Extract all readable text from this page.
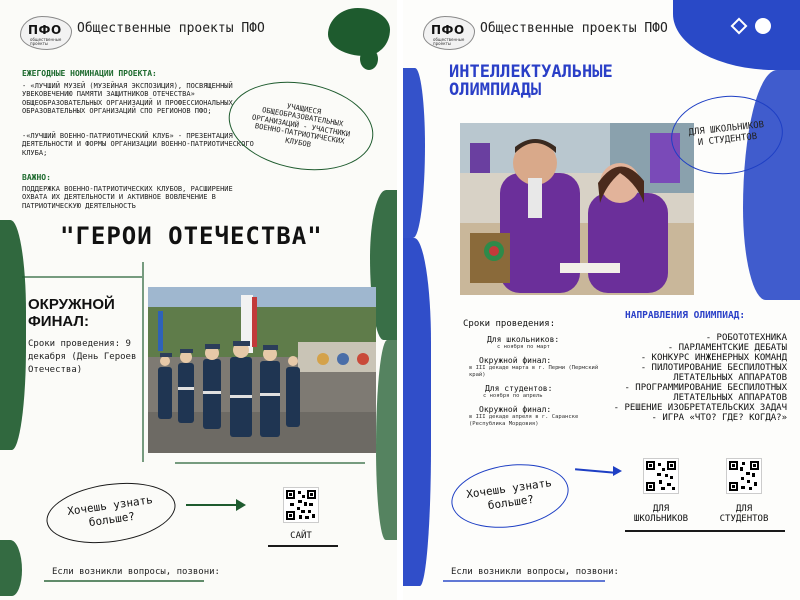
ПФО
общественные проекты
Общественные проекты ПФО
ЕЖЕГОДНЫЕ НОМИНАЦИИ ПРОЕКТА:
- «ЛУЧШИЙ МУЗЕЙ (МУЗЕЙНАЯ ЭКСПОЗИЦИЯ), ПОСВЯЩЕННЫЙ УВЕКОВЕЧЕНИЮ ПАМЯТИ ЗАЩИТНИКОВ ОТЕЧЕСТВА» ОБЩЕОБРАЗОВАТЕЛЬНЫХ ОРГАНИЗАЦИЙ И ПРОФЕССИОНАЛЬНЫХ ОБРАЗОВАТЕЛЬНЫХ ОРГАНИЗАЦИЙ СПО РЕГИОНОВ ПФО;
-«ЛУЧШИЙ ВОЕННО-ПАТРИОТИЧЕСКИЙ КЛУБ» - ПРЕЗЕНТАЦИЯ ДЕЯТЕЛЬНОСТИ И ФОРМЫ ОРГАНИЗАЦИИ ВОЕННО-ПАТРИОТИЧЕСКОГО КЛУБА;
ВАЖНО:
ПОДДЕРЖКА ВОЕННО-ПАТРИОТИЧЕСКИХ КЛУБОВ, РАСШИРЕНИЕ ОХВАТА ИХ ДЕЯТЕЛЬНОСТИ И АКТИВНОЕ ВОВЛЕЧЕНИЕ В ПАТРИОТИЧЕСКУЮ ДЕЯТЕЛЬНОСТЬ
УЧАЩИЕСЯ ОБЩЕОБРАЗОВАТЕЛЬНЫХ ОРГАНИЗАЦИЙ - УЧАСТНИКИ ВОЕННО-ПАТРИОТИЧЕСКИХ КЛУБОВ
"ГЕРОИ ОТЕЧЕСТВА"
ОКРУЖНОЙ ФИНАЛ:
Сроки проведения: 9 декабря (День Героев Отечества)
Хочешь узнать больше?
САЙТ
Если возникли вопросы, позвони:
ПФО
общественные проекты
Общественные проекты ПФО
ИНТЕЛЛЕКТУАЛЬНЫЕ
ОЛИМПИАДЫ
ДЛЯ ШКОЛЬНИКОВ И СТУДЕНТОВ
Сроки проведения:
Для школьников:
с ноября по март
Окружной финал:
в III декаде марта в г. Перми (Пермский край)
Для студентов:
с ноября по апрель
Окружной финал:
в III декаде апреля в г. Саранске (Республика Мордовия)
НАПРАВЛЕНИЯ ОЛИМПИАД:
- РОБОТОТЕХНИКА
- ПАРЛАМЕНТСКИЕ ДЕБАТЫ
- КОНКУРС ИНЖЕНЕРНЫХ КОМАНД
- ПИЛОТИРОВАНИЕ БЕСПИЛОТНЫХ ЛЕТАТЕЛЬНЫХ АППАРАТОВ
- ПРОГРАММИРОВАНИЕ БЕСПИЛОТНЫХ ЛЕТАТЕЛЬНЫХ АППАРАТОВ
- РЕШЕНИЕ ИЗОБРЕТАТЕЛЬСКИХ ЗАДАЧ
- ИГРА «ЧТО? ГДЕ? КОГДА?»
Хочешь узнать больше?	ДЛЯ ШКОЛЬНИКОВ
ДЛЯ СТУДЕНТОВ
Если возникли вопросы, позвони:
